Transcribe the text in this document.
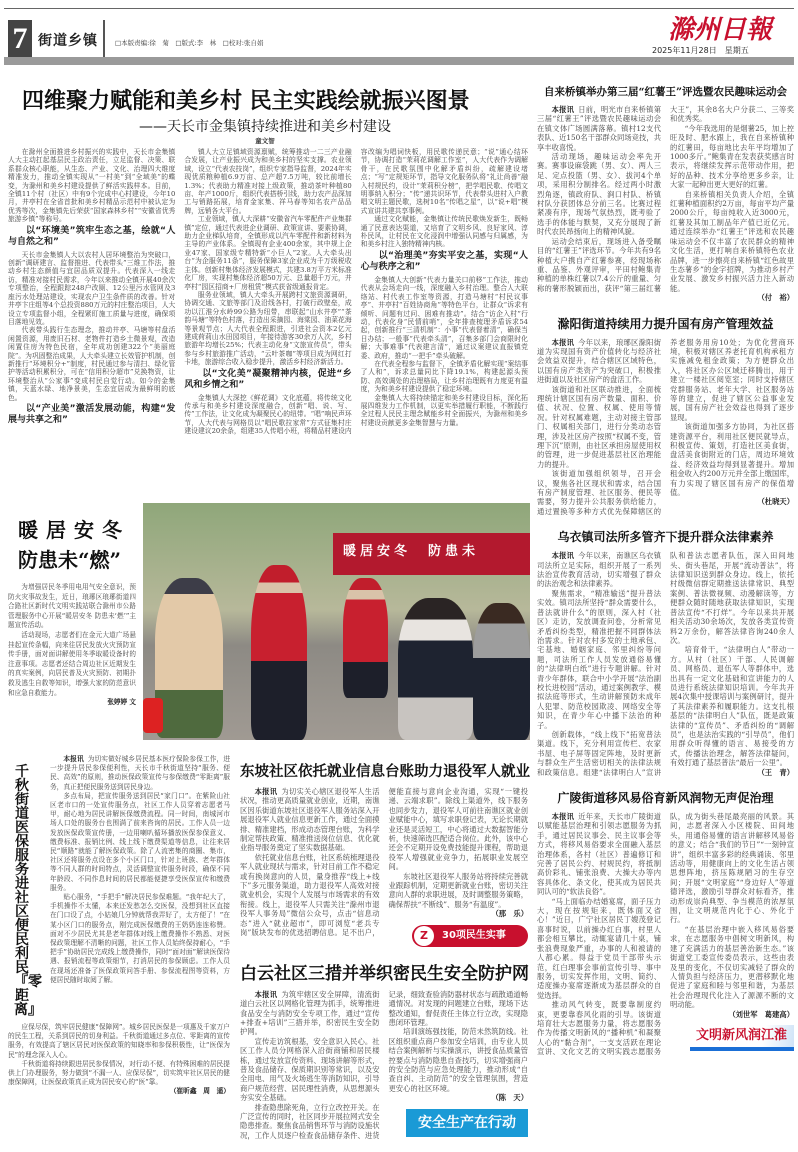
7 街道乡镇	□本版责编:徐　菊　□版式:李　林　□校对:张自娟	滁州日報
2025年11月28日　星期五
四维聚力赋能和美乡村 民主实践绘就振兴图景
——天长市金集镇持续推进和美乡村建设
童文智

在滁州全面推进乡村振兴的实践中，天长市金集镇人大主动扛起基层民主政治责任，立足监督、决策、联系群众核心职能，从生态、产业、文化、治理四大维度精准发力，推动全镇实现从“一村美”到“全域美”的蝶变，为滁州和美乡村建设提供了鲜活实践样本。目前，全镇11个村（社区）中有9个完成中心村建设，今年10月，井亭村在全省首批和美乡村精品示范村中被认定为优秀等次，金集镇先后荣获“国家森林乡村”“安徽省优秀旅游乡镇”等称号。

以“环境美”筑牢生态之基，绘就“人与自然之和”

天长市金集镇人大以农村人居环境整治为突破口，创新“调研建言、监督推进、代表带头”三维工作法，推动乡村生态颜值与宜居品质双提升。代表深入一线走访，精准对接村民需求，今年以来推动全镇开展40余次专项整治，全程跟踪248户改厕、12公里污水管网及3座污水处理站建设，实现农户卫生条件质的改善。针对井亭卞庄组等4个总投资880万元的村庄整治项目，人大设立专项监督小组，全程紧盯施工质量与进度，确保项目落地见效。

代表带头践行生态理念，推动井亭、马塘等村盘活闲置资源，用废旧石材、老物件打造乡土微景观，改造闲置住房为特色民宿，全年成功创建322个“美丽庭院”。为巩固整治成果，人大牵头建立长效管护机制，创新推行“环境积分+”制度，村民通过参与清扫、绿化管护等活动积累积分，可在“信用积分超市”兑换物资，让环境整治从“公家事”变成村民自觉行动。如今的金集镇，天蓝水绿、地净景美，生态宜居成为最鲜明的底色。

以“产业美”激活发展动能，构建“发展与共享之和”

镇人大立足镇域资源禀赋，统筹推动一二三产业融合发展，让产业振兴成为和美乡村的坚实支撑。农业领域，设立“代表农技岗”，组织专家指导监督，2024年实现优质粮种植6.9万亩、总产超7.5万吨，较比前增长1.3%；代表助力精准对接上级政策，推动茶叶种植80亩、年产1000斤，组织代表搭桥引线，助力农产品深加工与销路拓展，培育金家集、祥马春等知名农产品品牌，远销各大平台。

工业领域，镇人大深耕“安徽省汽车零配件产业集群镇”定位，通过代表进企业调研、政策宣讲、要素协调，助力企业梯队培育，全镇形成以汽车零配件和新材料为主导的产业体系。全镇现有企业400余家，其中规上企业47家、国家级专精特新“小巨人”2家。人大牵头出台“为企服务11条”，服务保障3家企业成为千万级税收主体。创新村集体经济发展模式，共建3.8万平方米标准化厂房，实现村集体经济超50万元、总量超千万元，井亭村“园区招商+厂房租赁”模式获省级通报肯定。

服务业领域，镇人大牵头开展跨村文旅资源调研，协调交通、文旅等部门及沿线各村，打破行政壁垒，成功以江淮分水岭99公路为纽带，串联起“山水井亭”“茶韵马塘”等特色村落，打造出采摘园、海棠园、油菜花海等景观节点；人大代表全程跟进，引进社会资本2亿元建成荷莉山水田园项目，年接待游客30余万人次，乡村旅游年均增长25%；代表主动化身“文旅宣传员”，带头参与乡村旅游推广活动，“云叶茶咖”等项目成为网红打卡地，旅游综合收入稳步提升，激活乡村经济新活力。

以“文化美”凝聚精神内核，促进“乡风和乡情之和”

金集镇人大深挖《鲜花调》文化底蕴，将传统文化传承与和美乡村建设深度融合，创新“唱、说、写、传”工作法，让文化成为凝聚民心的纽带。“唱”响民声环节，人大代表与网格员以“唱民歌拉家常”方式征集村庄建设建议20余条，组建35人传唱小班，将精品村建设内容改编为唱词快板，用民歌传递民意；“说”通心结环节，协调打造“茉莉花调解工作室”，人大代表作为调解骨干，在民歌氛围中化解矛盾纠纷，疏解建设堵点；“写”定规矩环节，指导文化服务队将“礼让尚善”融入村规民约，设计“茉莉积分榜”，把学唱民歌、传唱文明事纳入积分；“传”递共识环节，代表带头进村入户教唱文明主题民歌，选树10名“传唱之星”，以“说+唱”模式宣讲共建共享事例。

通过文化赋能，金集镇让传统民歌焕发新生，既畅通了民意表达渠道，又培育了文明乡风、良好家风、淳朴民风，让村民在文化浸润中增强认同感与归属感，为和美乡村注入独特精神内核。

以“治理美”夯实平安之基，实现“人心与秩序之和”

金集镇人大创新“代表力量关口前移”工作法，推动代表从会场走向一线，深度融入乡村治理。整合人大联络站、村代表工作室等资源，打造马塘村“村民议事亭”、井亭村“百姓协商角”等特色平台，让群众“诉求有倾听、问题有过问、困难有推动”。结合“访企入村”行动，代表化身“民情前哨”，全年排查梳理矛盾诉求54起，创新推行“三清机制”：小事“代表督着清”，确保当日办结；一般事“代表牵头清”，召集多部门会商限时化解；大事难事“代表建言清”，通过议案建议直报镇党委、政府，推动“一把手”牵头破解。

在代表全程参与监督下，全镇矛盾化解实现“案结事了人和”，诉求总量同比下降19.1%，构建起源头预防、高效调处的治理格局，让乡村治理既有力度更有温度，为和美乡村建设提供了稳定环境。

金集镇人大将持续锚定和美乡村建设目标，深化拓展四维发力工作机制，以更实举措履行职能，不断践行全过程人民民主理念赋能乡村全面振兴，为滁州和美乡村建设贡献更多金集智慧与力量。

暖居安冬
防患未“燃”

为增强居民冬季用电用气安全意识，预防火灾事故发生，近日，琅琊区琅琊街道四合路社区新时代文明实践站联合滁州市公路管理服务中心开展“暖居安冬 防患未‘燃’”主题宣传活动。

活动现场，志愿者们在金元大道广场悬挂起宣传条幅，向来往居民发放火灾预防宣传手册，面对面讲解使用冬季取暖设备时的注意事项。志愿者还结合周边社区近期发生的真实案例，向居民普及火灾预防、初期扑救及逃生自救等知识，增强大家的防范意识和应急自救能力。

张婷婷 文

暖居安冬　防患未
千秋街道医保服务进社区便民利民『零距离』

本报讯 为切实做好城乡居民基本医疗保险参保工作，进一步提升居民参保便利性，天长市千秋街道坚持“服务、便民、高效”的原则，推动医保政策宣传与参保缴费“零距离”服务，真正把便民服务送到居民身边。

多点布局，把宣传服务送到居民“家门口”。在紫险山社区老市口的一处宣传服务点，社区工作人员穿着志愿者马甲，耐心地为居民讲解医保缴费流程。同一时间，南城河市场人口处的服务台也围满了前来咨询的居民。工作人员一边发放医保政策宣传册，一边用喇叭循环播放医保参保意义、缴费标准、报销比例、线上线下缴费渠道等信息，让往来居民“顺路”就能了解医保政策。除了人流密集的商圈、集市，社区还将服务点设在多个小区门口，针对上班族、老年群体等不同人群的时间特点，灵活调整宣传服务时段，确保不同年龄段、不同作息时间的居民都能便捷享受医保宣传和缴费服务。

贴心服务，“手把手”解决居民参保难题。“我年纪大了，手机操作不太懂，本来还发愁怎么交医保，没想到社区直接在门口设了点，小姑娘几分钟就帮我弄好了，太方便了！”在某小区门口的服务点，刚完成医保缴费的王奶奶连连称赞。面对不少居民尤其是老年群体对线上缴费操作不熟悉、对医保政策理解不清晰的问题，社区工作人员始终保持耐心，“手把手”协助居民完成线上缴费操作，同时“面对面”解读医保待遇、报销流程等政策细节，打消居民的参保顾虑。工作人员在现场还准备了医保政策问答手册、参保流程图等资料，方便居民随时取阅了解。

应保尽保，筑牢居民健康“保障网”。城乡居民医保是一项惠及千家万户的民生工程，关系到居民的切身利益。千秋街道通过多点位、零距离的宣传服务，有效提高了辖区居民对医保政策的知晓率和参保积极性，让“医保为民”的理念深入人心。

千秋街道将持续跟进居民参保情况，对行动不便、有特殊困难的居民提供上门办理服务，努力做到“不漏一人、应保尽保”，切实筑牢社区居民的健康保障网，让医保政策真正成为居民安心的“医”靠。

（崔昕鑫　周　遥）

东坡社区依托就业信息台账助力退役军人就业

本报讯 为切实关心辖区退役军人生活状况，推动更高质量就业创业，近期，南谯区因乐街道东坡社区退役军人服务站深入开展退役军人就业信息更新工作，通过全面摸排、精准建档，形成动态管理台账，为科学制定帮扶政策、精准推送岗位信息、优化就业指导服务奠定了坚实数据基础。

依托就业信息台账，社区系统梳理退役军人就业现状与需求，针对目前工作不稳定或有换岗意向的人员，量身推荐“线上+线下”多元服务渠道，助力退役军人高效对接就业机会，实现个人发展与市场需求的有效衔接。线上，退役军人只需关注“滁州市退役军人事务局”微信公众号，点击“信息动态”进入“就业超市”，即可浏览“老兵专岗”版块发布的优选招聘信息。足不出户，便能直接与意向企业沟通，实现“一键投递、云端求职”。除线上渠道外，线下服务也同步发力，退役军人可前往南谯区就业创业赋能中心，填写求职登记表，无论长期就业还是灵活短工，中心将通过大数据智能分析，快速筛选匹配适合岗位。此外，该中心还会不定期开设免费技能提升课程，帮助退役军人增强就业竞争力，拓展职业发展空间。

东坡社区退役军人服务站将持续完善就业跟踪机制，定期更新就业台账，密切关注意向人群的求职进展，及时调整服务策略，确保帮扶“不断线”、服务“有温度”。

（那　乐）

Z	30项民生实事
白云社区三措并举织密民生安全防护网

本报讯 为筑牢辖区安全屏障，清流街道白云社区以网格化管理为抓手，统筹推进食品安全与消防安全专项工作，通过“宣传+排查+培训”三措并举，织密民生安全防护网。

宣传走访筑根基，安全意识入民心。社区工作人员分网格深入沿街商铺和居民楼栋，通过发放宣传资料、现场讲解等形式，普及食品储存、保质期识别等常识，以及安全用电、用气及火场逃生等消防知识，引导商户规范经营、居民理性消费，从思想源头夯实安全基础。

排查隐患除死角，立行立改控开关。在广泛宣传的同时，社区同步开展拉网式安全隐患排查。聚焦食品销售环节与消防设施状况，工作人员逐户检查食品储存条件、进货记录，细致查验消防器材状态与疏散通道畅通情况。对发现的问题建立台账，现场下达整改通知，督促责任主体立行立改，实现隐患闭环管理。

培训演练强技能，防范未然筑防线。社区组织重点商户参加安全培训，由专业人员结合案例解析与实操演示，讲授食品质量管控要点与消防隐患自查技巧，切实增强商户的安全防范与应急处理能力，推动形成“自查自纠、主动防范”的安全管理氛围，营造更安心的社区环境。

（陈　天）

安全生产在行动
自来桥镇举办第三届“红薯王”评选暨农民趣味运动会

本报讯 日前，明光市自来桥镇第三届“红薯王”评选暨农民趣味运动会在镇文体广场圆满落幕。镇村12支代表队、近150名干部群众同场竞技，共享丰收喜悦。

活动现场，趣味运动会率先开赛。赛事设麻袋跳（男、女）、两人三足、定点投篮（男、女）、拔河4个单项，采用积分制排名。经过两小时激烈角逐，镇政府队、涧口村队、桥镇村队分获团体总分前三名。比赛过程紧凑有序，现场气氛热烈，既考验了选手的体能与默契，又充分展现了新时代农民昂扬向上的精神风貌。

运动会结束后，现场进入备受瞩目的“红薯王”评选环节。今年共有9名种植大户携自产红薯参赛，经现场称重、品鉴、外观评审，平田村鲍集青种植的单株红薯以7.4公斤的重量、匀称的薯形脱颖而出，获评“第三届红薯大王”，其余8名大户分获二、三等奖和优秀奖。

“今年我选用的是烟薯25，加上控旺及时、肥水跟上，我在自来桥镇种的红薯田，每亩地比去年平均增加了1000多斤。”鲍集青在发表获奖感言时表示，将继续发挥示范带动作用，把好的品种、技术分享给更多乡亲，让大家一起种出更大更好的红薯。

自来桥镇相关负责人介绍，全镇红薯种植面积约2万亩，每亩平均产量2000公斤，每亩纯收入近3000元，红薯及其加工制品年产值已近亿元。通过连续举办“红薯王”评选和农民趣味运动会不仅丰富了农民群众的精神文化生活，更打响自来桥镇特色农业品牌，进一步擦亮自来桥镇“红色故里 生态薯乡”的金字招牌，为推动乡村产业发展、激发乡村振兴活力注入新动能。

（付　裕）

滁阳街道持续用力提升国有房产管理效益

本报讯 今年以来，琅琊区滁阳街道为实现国有资产价值转化与经济社会效益双提升，结合辖区区域特色，以国有房产类资产为突破口，积极推进街道以及社区房产的盘活工作。

该街道和社区联动推进，全面梳理统计辖区国有房产数量、面积、价值、状况、位置、权属、使用等情况。针对权属难题，主动对接主管部门、权属相关部门，进行分类动态管理，涉及社区房产按照“权属不变，管理下沉”原则，由社区承担房屋使用权的管理，进一步促进基层社区治理能力的提升。

该街道加强组织领导，召开会议，聚焦各社区现状和需求，结合国有房产制度管理、社区服务、便民等需要，努力提升公共服务供给能力，通过置换等多种方式优先保障辖区的养老服务用房10处；为优化营商环境，积极对辖区养老托育机构承租方实施减免租金政策；为方便群众出入，将社区办公区域迁移腾出，用于建立一楼社区阅览室；同时支持辖区党群服务站、老年大学、社区服务站等的建立，促进了辖区公益事业发展，国有房产社会效益也得到了逐步显现。

该街道加强多方协同，为社区搭建资源平台，利用社区便民就导点，积极宣传、策划，打造社区美食街，盘活美食街附近的门店，周边环境效益、经济效益均得到显著提升。增加租金收入约200万元并全部上缴国库，有力实现了辖区国有房产的保值增值。

（杜晓天）

乌衣镇司法所多管齐下提升群众法律素养

本报讯 今年以来，南谯区乌衣镇司法所立足实际，组织开展了一系列法治宣传教育活动，切实增强了群众的法治观念和法律素养。

聚焦需求，“精准输送”提升普法实效。镇司法所坚持“群众需要什么，普法就讲什么”的原则，深入村（社区）走访，发放调查问卷，分析常见矛盾纠纷类型，精准把握不同群体法治需求。针对农村多发的土地承包、宅基地、婚姻家庭、邻里纠纷等问题，司法所工作人员发放通俗易懂的“法律明白纸”进行专题讲解。针对青少年群体，联合中小学开展“法治副校长进校园”活动，通过案例教学、模拟法庭等形式，生动讲解预防未成年人犯罪、防范校园欺凌、网络安全等知识，在青少年心中播下法治的种子。

创新载体，“线上线下”拓宽普法渠道。线下，充分利用宣传栏、农家书屋、电子屏等固定阵地，及时更新与群众生产生活密切相关的法律法规和政策信息。组建“法律明白人”宣讲队和普法志愿者队伍，深入田间地头、街头巷尾，开展“流动普法”，将法律知识送到群众身边。线上，依托村级微信群定期推送法律常识、典型案例、普法微视频、动漫解读等，方便群众随时随地获取法律知识，实现普法宣传“不打烊”。今年以来共开展相关活动30余场次，发放各类宣传资料2万余份，解答法律咨询240余人次。

培育骨干，“法律明白人”带动一方。从村（社区）干部、人民调解员、网格员、退伍军人等群体中，选出具有一定文化基础和宣讲能力的人员进行系统法律知识培训。今年共开展4次集中授课培训与案例研讨，提升了其法律素养和履职能力。这支扎根基层的“法律明白人”队伍，既是政策法律的“宣传员”、矛盾纠纷的“调解员”，也是法治实践的“引导员”，他们用群众听得懂的语言、易接受的方式，传播法治理念，解答法律疑问，有效打通了基层普法“最后一公里”。

（王　青）

广陵街道移风易俗育新风润物无声促治理

本报讯 近年来，天长市广陵街道以赋能基层治理和引领志愿服务为抓手，通过居民议事会、民主议事会等方式，将移风易俗要求全面融入基层治理体系，各村（社区）普遍修订和完善了居民公约、村规民约，将抵制高价彩礼、铺张浪费、大操大办等内容具体化、条文化，使其成为居民共同认可的“软法良俗”。

“马上面临办结婚宴席，面子压力大，现在按规矩来，既体面又省心！”近日，广宁社区居民丁嫂茂登记喜事时说，以前操办红白事，村里人都会相互攀比，动辄宴请几十桌，铺张浪费现象严重，办事的人和被请的人都心累。得益于党员干部带头示范，红白理事会事前宣传引导、事中服务，切实发挥作用，文明、简约、适度操办宴席逐渐成为基层群众的自觉选择。

推动风气转变，既要靠制度约束，更要靠春风化雨的引导。该街道培育壮大志愿服务力量，将志愿服务作为传播文明新风的“播种机”和凝聚人心的“黏合剂”，一支支活跃在理论宣讲、文化文艺的文明实践志愿服务队，成为街头巷尾最亮丽的风景。其间，志愿者深入小区楼院、田间地头，用通俗易懂的语言讲解移风易俗的意义；结合“我们的节日”“一刻钟宣讲”，组织丰富多彩的经典诵读、邻里活动等，用健康向上的文化生活占领思想阵地，挤压陈规陋习的生存空间；开展“文明家庭”“身边好人”等道德评选，激励引导群众对标看齐，推动形成崇尚典型、争当模范的浓厚氛围，让文明规范内化于心、外化于行。

“在基层治理中嵌入移风易俗要求，在志愿服务中倡树文明新风，构建了充满活力的基层善治新生态。”该街道党工委宣传委员表示，这些由表及里的变化，不仅切实减轻了群众的人情负担与经济压力，更潜移默化地促进了家庭和睦与邻里和谐，为基层社会治理现代化注入了源源不断的文明动能。

（刘世军　葛建高）

文明新风润江淮
